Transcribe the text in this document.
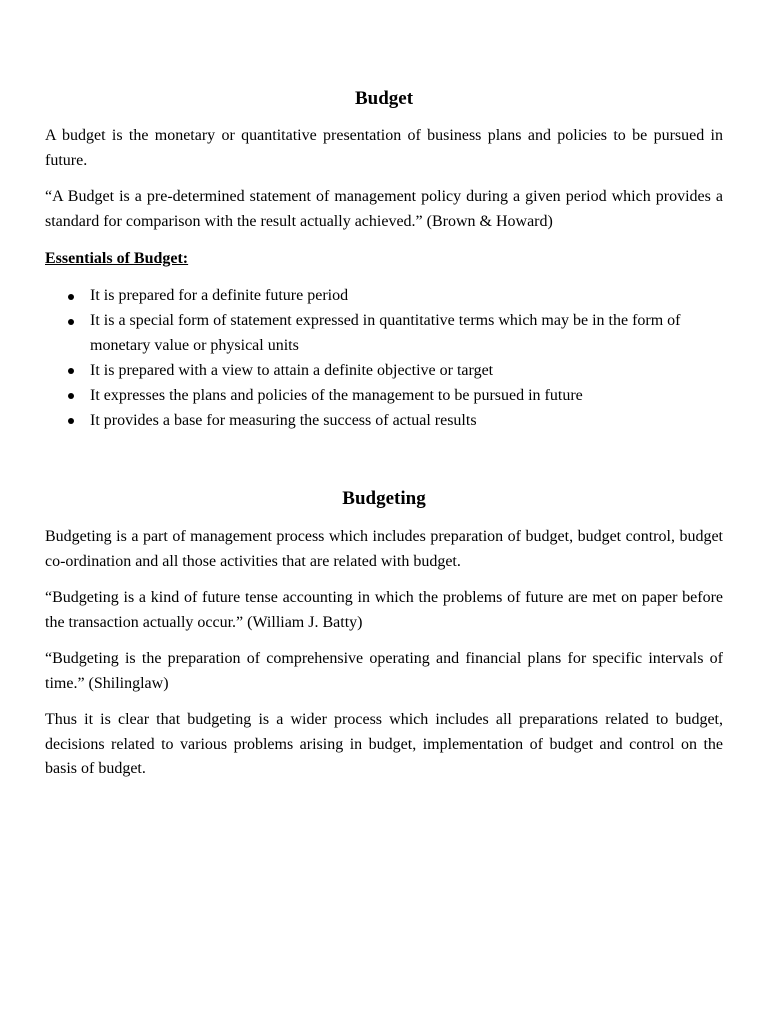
Budget

A budget is the monetary or quantitative presentation of business plans and policies to be pursued in future.

“A Budget is a pre-determined statement of management policy during a given period which provides a standard for comparison with the result actually achieved.” (Brown & Howard)

Essentials of Budget:

It is prepared for a definite future period
It is a special form of statement expressed in quantitative terms which may be in the form of monetary value or physical units
It is prepared with a view to attain a definite objective or target
It expresses the plans and policies of the management to be pursued in future
It provides a base for measuring the success of actual results
Budgeting

Budgeting is a part of management process which includes preparation of budget, budget control, budget co-ordination and all those activities that are related with budget.

“Budgeting is a kind of future tense accounting in which the problems of future are met on paper before the transaction actually occur.” (William J. Batty)

“Budgeting is the preparation of comprehensive operating and financial plans for specific intervals of time.” (Shilinglaw)

Thus it is clear that budgeting is a wider process which includes all preparations related to budget, decisions related to various problems arising in budget, implementation of budget and control on the basis of budget.
